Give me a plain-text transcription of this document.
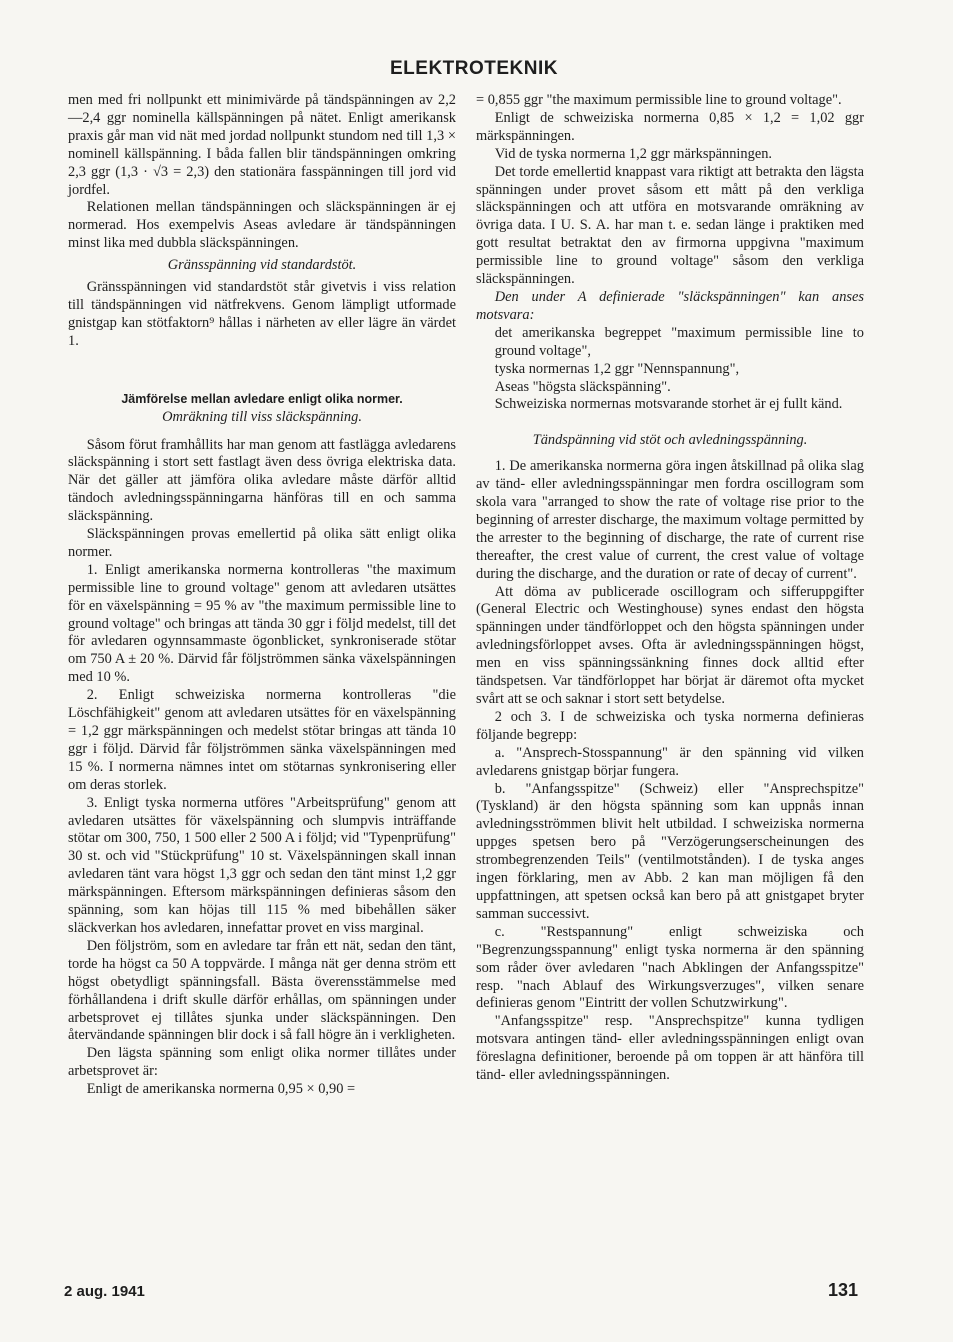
ELEKTROTEKNIK

men med fri nollpunkt ett minimivärde på tändspänningen av 2,2—2,4 ggr nominella källspänningen på nätet. Enligt amerikansk praxis går man vid nät med jordad nollpunkt stundom ned till 1,3 × nominell källspänning. I båda fallen blir tändspänningen omkring 2,3 ggr (1,3 · √3 = 2,3) den stationära fasspänningen till jord vid jordfel.

Relationen mellan tändspänningen och släckspänningen är ej normerad. Hos exempelvis Aseas avledare är tändspänningen minst lika med dubbla släckspänningen.

Gränsspänning vid standardstöt.

Gränsspänningen vid standardstöt står givetvis i viss relation till tändspänningen vid nätfrekvens. Genom lämpligt utformade gnistgap kan stötfaktorn⁹ hållas i närheten av eller lägre än värdet 1.

Jämförelse mellan avledare enligt olika normer.

Omräkning till viss släckspänning.

Såsom förut framhållits har man genom att fastlägga avledarens släckspänning i stort sett fastlagt även dess övriga elektriska data. När det gäller att jämföra olika avledare måste därför alltid tändoch avledningsspänningarna hänföras till en och samma släckspänning.

Släckspänningen provas emellertid på olika sätt enligt olika normer.

1. Enligt amerikanska normerna kontrolleras "the maximum permissible line to ground voltage" genom att avledaren utsättes för en växelspänning = 95 % av "the maximum permissible line to ground voltage" och bringas att tända 30 ggr i följd medelst, till det för avledaren ogynnsammaste ögonblicket, synkroniserade stötar om 750 A ± 20 %. Därvid får följströmmen sänka växelspänningen med 10 %.

2. Enligt schweiziska normerna kontrolleras "die Löschfähigkeit" genom att avledaren utsättes för en växelspänning = 1,2 ggr märkspänningen och medelst stötar bringas att tända 10 ggr i följd. Därvid får följströmmen sänka växelspänningen med 15 %. I normerna nämnes intet om stötarnas synkronisering eller om deras storlek.

3. Enligt tyska normerna utföres "Arbeitsprüfung" genom att avledaren utsättes för växelspänning och slumpvis inträffande stötar om 300, 750, 1 500 eller 2 500 A i följd; vid "Typenprüfung" 30 st. och vid "Stückprüfung" 10 st. Växelspänningen skall innan avledaren tänt vara högst 1,3 ggr och sedan den tänt minst 1,2 ggr märkspänningen. Eftersom märkspänningen definieras såsom den spänning, som kan höjas till 115 % med bibehållen säker släckverkan hos avledaren, innefattar provet en viss marginal.

Den följström, som en avledare tar från ett nät, sedan den tänt, torde ha högst ca 50 A toppvärde. I många nät ger denna ström ett högst obetydligt spänningsfall. Bästa överensstämmelse med förhållandena i drift skulle därför erhållas, om spänningen under arbetsprovet ej tillåtes sjunka under släckspänningen. Den återvändande spänningen blir dock i så fall högre än i verkligheten.

Den lägsta spänning som enligt olika normer tillåtes under arbetsprovet är:

Enligt de amerikanska normerna 0,95 × 0,90 =

= 0,855 ggr "the maximum permissible line to ground voltage".

Enligt de schweiziska normerna 0,85 × 1,2 = 1,02 ggr märkspänningen.

Vid de tyska normerna 1,2 ggr märkspänningen.

Det torde emellertid knappast vara riktigt att betrakta den lägsta spänningen under provet såsom ett mått på den verkliga släckspänningen och att utföra en motsvarande omräkning av övriga data. I U. S. A. har man t. e. sedan länge i praktiken med gott resultat betraktat den av firmorna uppgivna "maximum permissible line to ground voltage" såsom den verkliga släckspänningen.

Den under A definierade "släckspänningen" kan anses motsvara:

det amerikanska begreppet "maximum permissible line to ground voltage",

tyska normernas 1,2 ggr "Nennspannung",

Aseas "högsta släckspänning".

Schweiziska normernas motsvarande storhet är ej fullt känd.

Tändspänning vid stöt och avledningsspänning.

1. De amerikanska normerna göra ingen åtskillnad på olika slag av tänd- eller avledningsspänningar men fordra oscillogram som skola vara "arranged to show the rate of voltage rise prior to the beginning of arrester discharge, the maximum voltage permitted by the arrester to the beginning of discharge, the rate of current rise thereafter, the crest value of current, the crest value of voltage during the discharge, and the duration or rate of decay of current".

Att döma av publicerade oscillogram och sifferuppgifter (General Electric och Westinghouse) synes endast den högsta spänningen under tändförloppet och den högsta spänningen under avledningsförloppet avses. Ofta är avledningsspänningen högst, men en viss spänningssänkning finnes dock alltid efter tändspetsen. Var tändförloppet har börjat är däremot ofta mycket svårt att se och saknar i stort sett betydelse.

2 och 3. I de schweiziska och tyska normerna definieras följande begrepp:

a. "Ansprech-Stosspannung" är den spänning vid vilken avledarens gnistgap börjar fungera.

b. "Anfangsspitze" (Schweiz) eller "Ansprechspitze" (Tyskland) är den högsta spänning som kan uppnås innan avledningsströmmen blivit helt utbildad. I schweiziska normerna uppges spetsen bero på "Verzögerungserscheinungen des strombegrenzenden Teils" (ventilmotstånden). I de tyska anges ingen förklaring, men av Abb. 2 kan man möjligen få den uppfattningen, att spetsen också kan bero på att gnistgapet bryter samman successivt.

c. "Restspannung" enligt schweiziska och "Begrenzungsspannung" enligt tyska normerna är den spänning som råder över avledaren "nach Abklingen der Anfangsspitze" resp. "nach Ablauf des Wirkungsverzuges", vilken senare definieras genom "Eintritt der vollen Schutzwirkung".

"Anfangsspitze" resp. "Ansprechspitze" kunna tydligen motsvara antingen tänd- eller avledningsspänningen enligt ovan föreslagna definitioner, beroende på om toppen är att hänföra till tänd- eller avledningsspänningen.

2 aug. 1941	131
